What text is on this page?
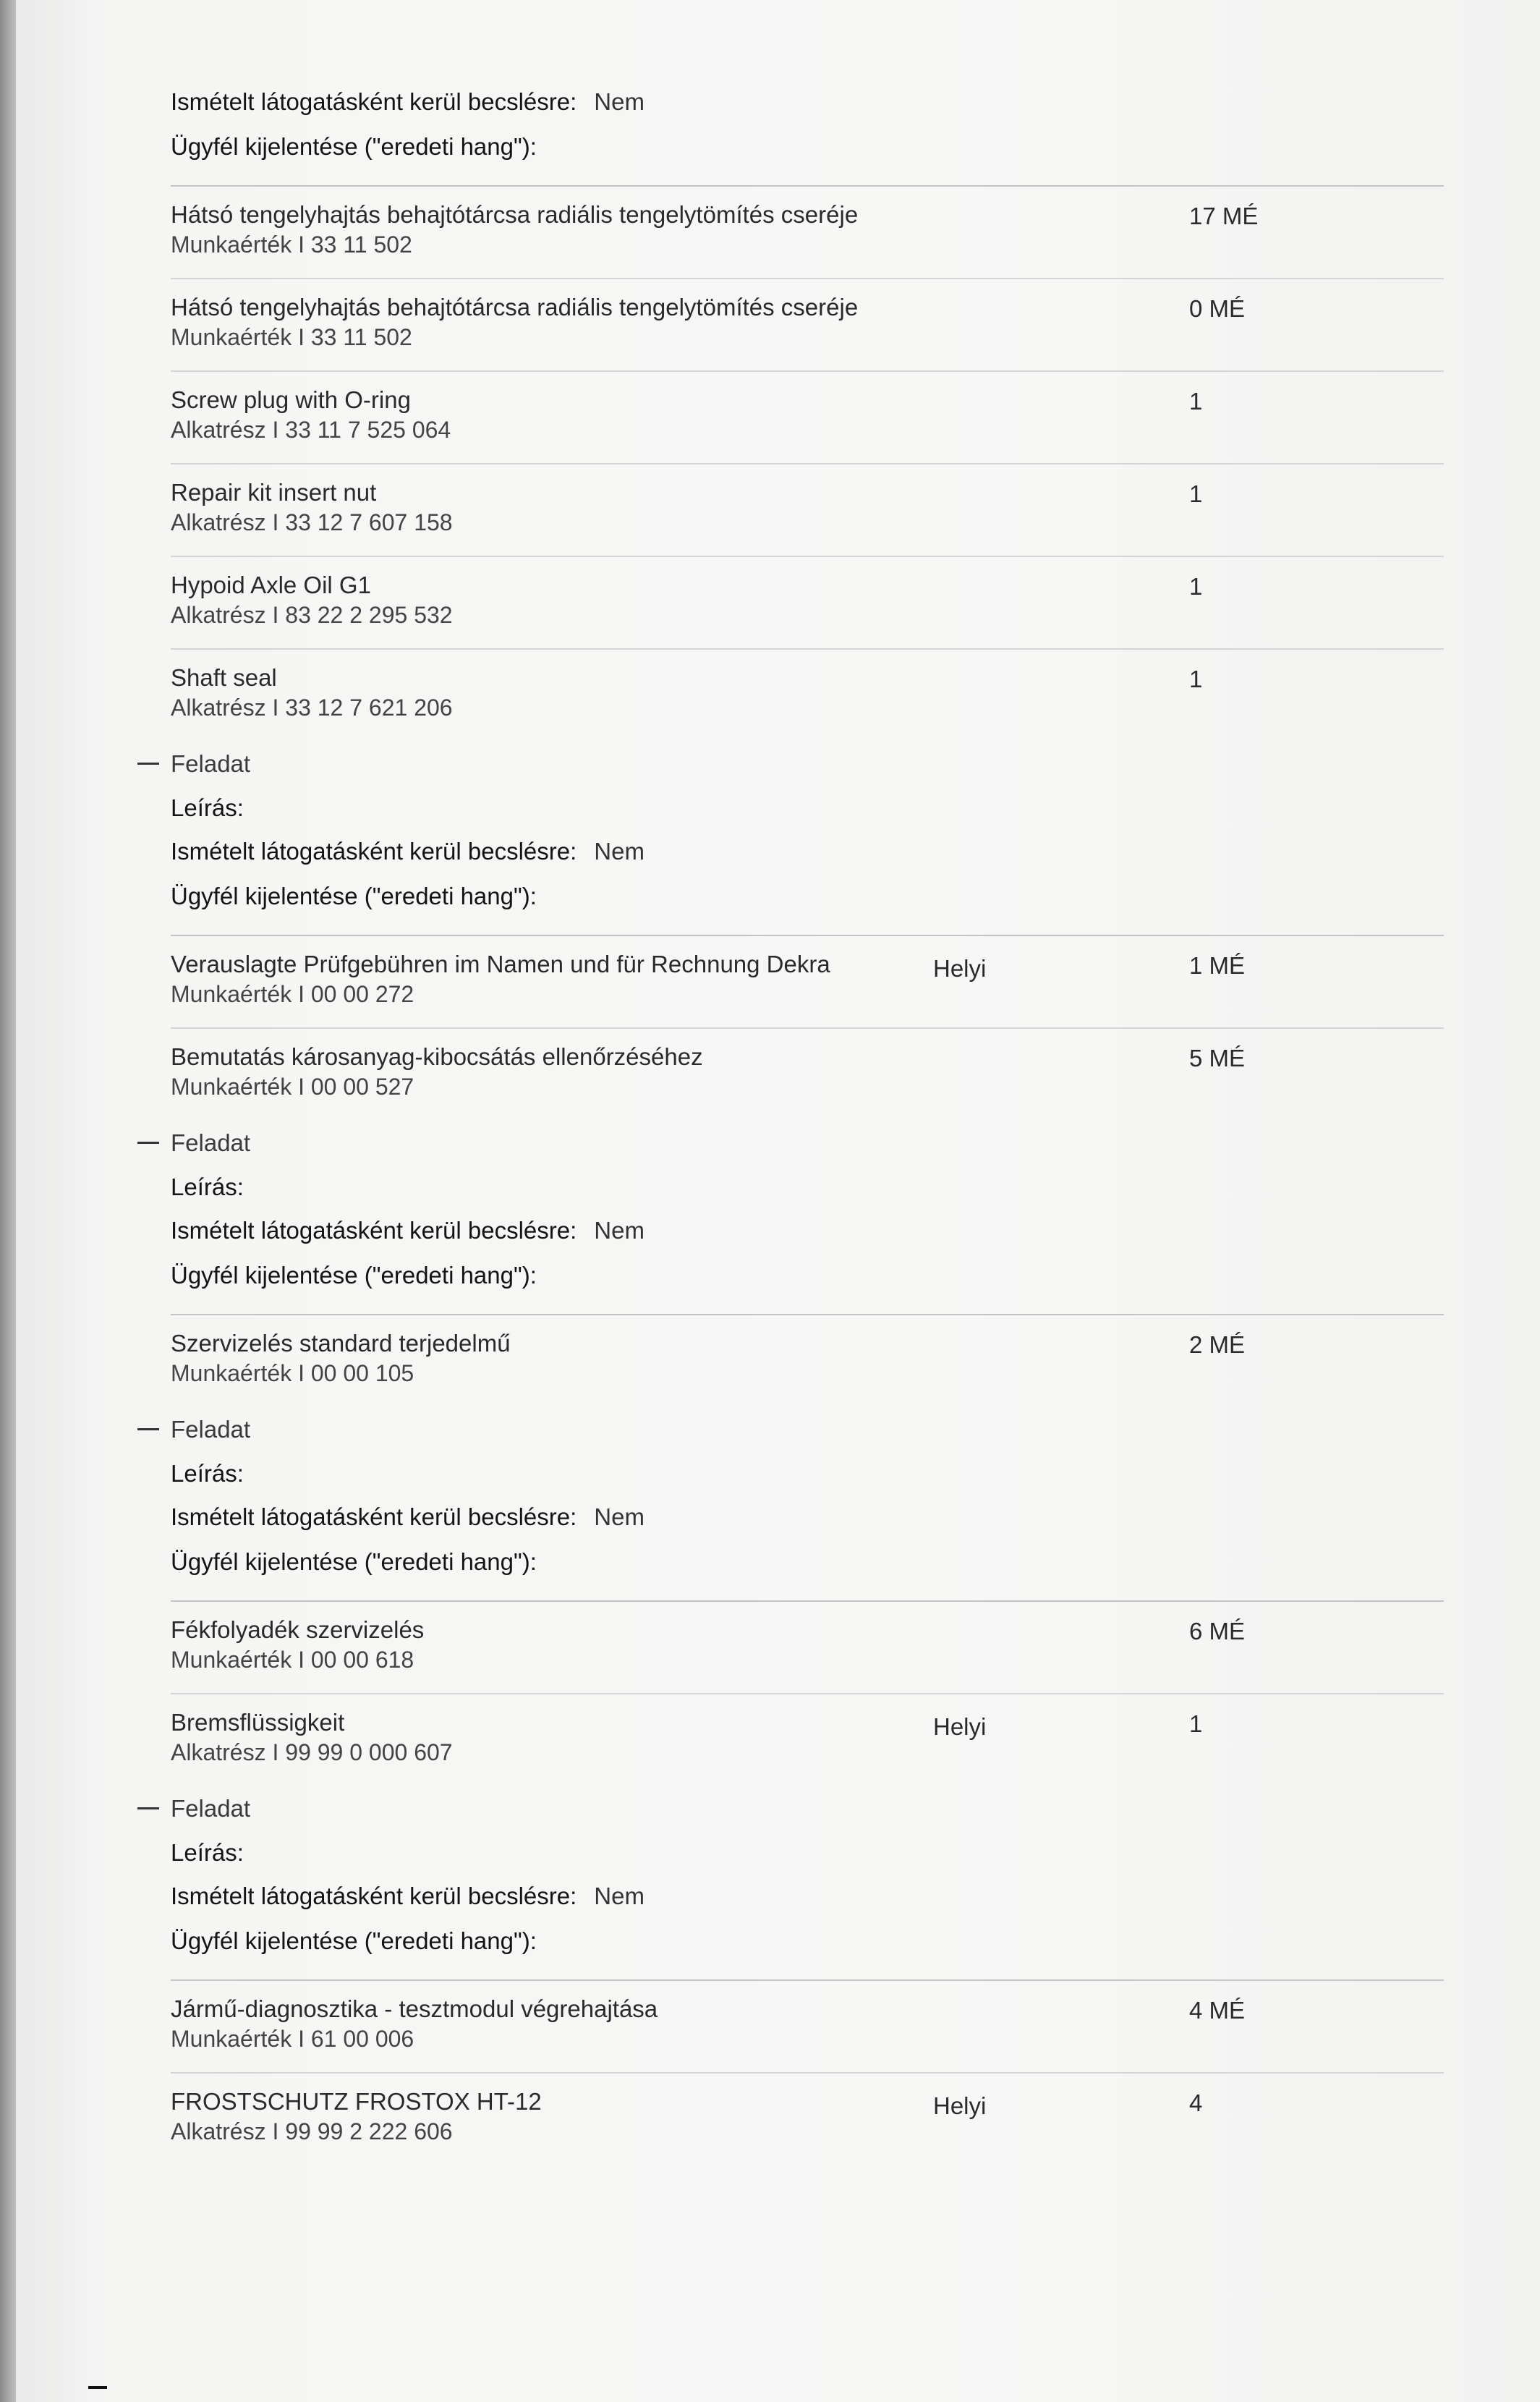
Ismételt látogatásként kerül becslésre: Nem
Ügyfél kijelentése ("eredeti hang"):
Hátsó tengelyhajtás behajtótárcsa radiális tengelytömítés cseréje
Munkaérték I 33 11 502
17 MÉ
Hátsó tengelyhajtás behajtótárcsa radiális tengelytömítés cseréje
Munkaérték I 33 11 502
0 MÉ
Screw plug with O-ring
Alkatrész I 33 11 7 525 064
1
Repair kit insert nut
Alkatrész I 33 12 7 607 158
1
Hypoid Axle Oil G1
Alkatrész I 83 22 2 295 532
1
Shaft seal
Alkatrész I 33 12 7 621 206
1
Feladat
Leírás:
Ismételt látogatásként kerül becslésre: Nem
Ügyfél kijelentése ("eredeti hang"):
Verauslagte Prüfgebühren im Namen und für Rechnung Dekra
Munkaérték I 00 00 272
Helyi	1 MÉ
Bemutatás károsanyag-kibocsátás ellenőrzéséhez
Munkaérték I 00 00 527
5 MÉ
Feladat
Leírás:
Ismételt látogatásként kerül becslésre: Nem
Ügyfél kijelentése ("eredeti hang"):
Szervizelés standard terjedelmű
Munkaérték I 00 00 105
2 MÉ
Feladat
Leírás:
Ismételt látogatásként kerül becslésre: Nem
Ügyfél kijelentése ("eredeti hang"):
Fékfolyadék szervizelés
Munkaérték I 00 00 618
6 MÉ
Bremsflüssigkeit
Alkatrész I 99 99 0 000 607
Helyi	1
Feladat
Leírás:
Ismételt látogatásként kerül becslésre: Nem
Ügyfél kijelentése ("eredeti hang"):
Jármű-diagnosztika - tesztmodul végrehajtása
Munkaérték I 61 00 006
4 MÉ
FROSTSCHUTZ FROSTOX HT-12
Alkatrész I 99 99 2 222 606
Helyi	4
